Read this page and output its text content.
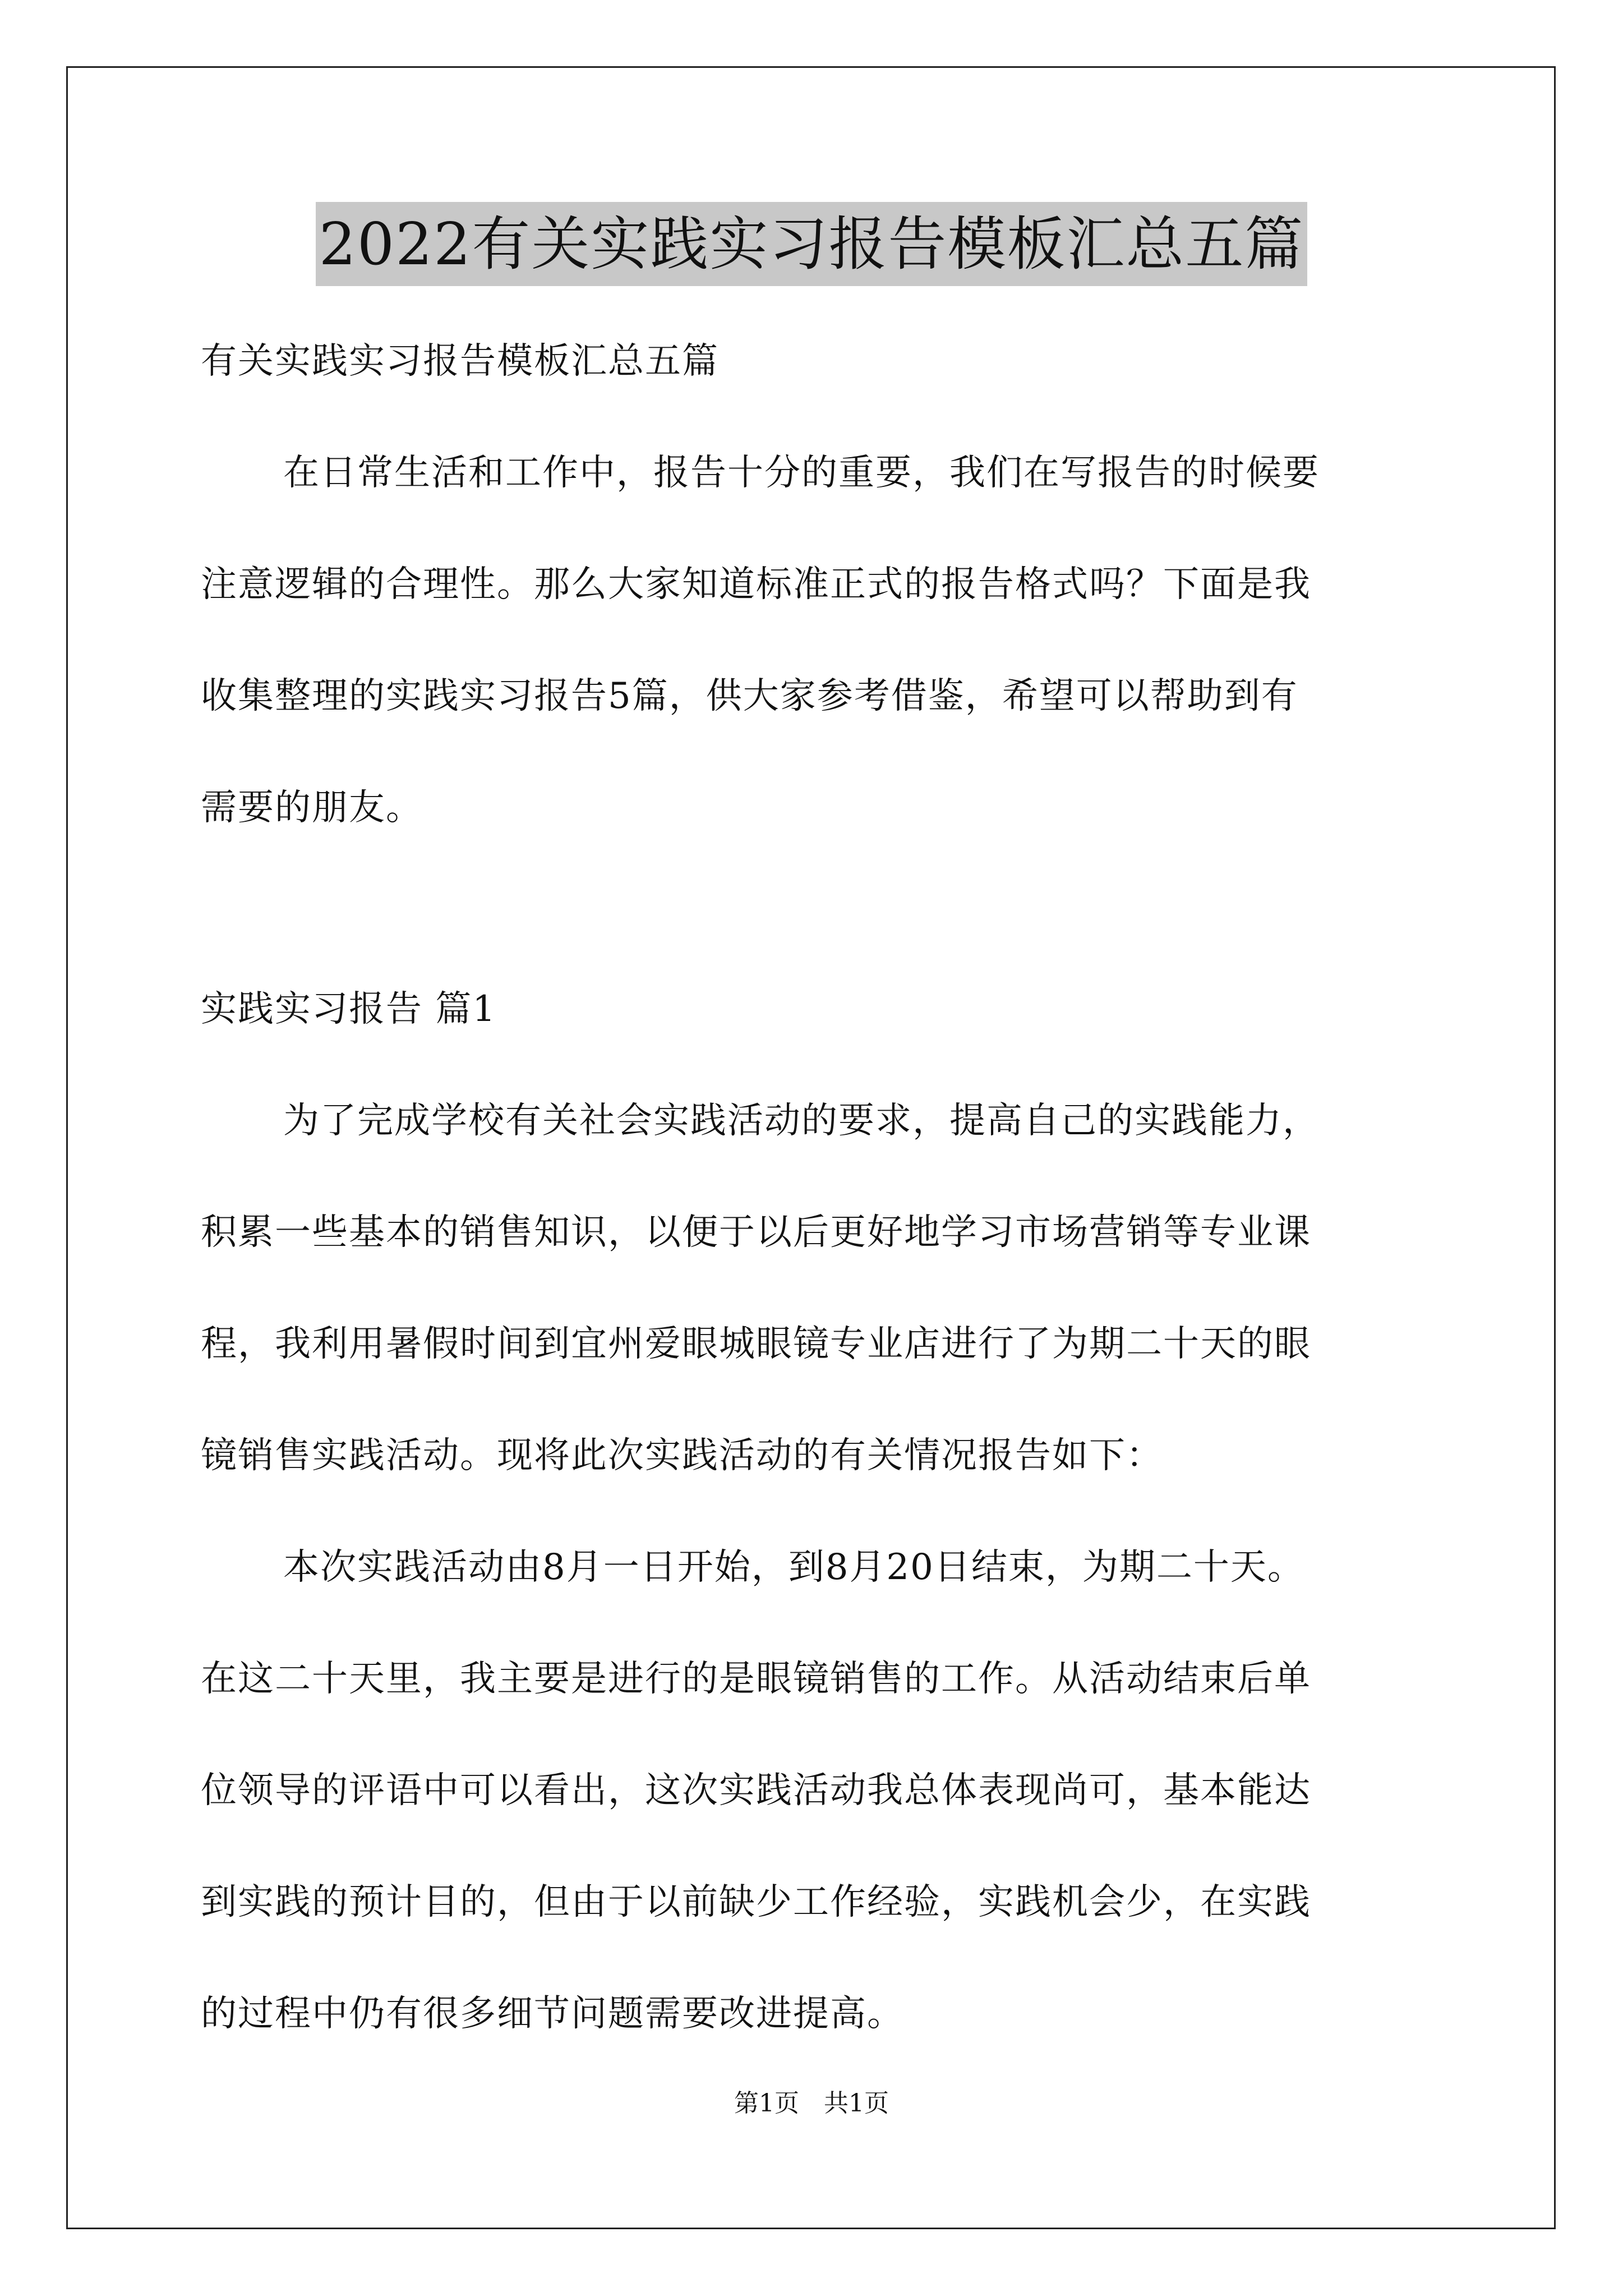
2022有关实践实习报告模板汇总五篇
有关实践实习报告模板汇总五篇
在日常生活和工作中，报告十分的重要，我们在写报告的时候要
注意逻辑的合理性。那么大家知道标准正式的报告格式吗？下面是我
收集整理的实践实习报告5篇，供大家参考借鉴，希望可以帮助到有
需要的朋友。
实践实习报告 篇1
为了完成学校有关社会实践活动的要求，提高自己的实践能力，
积累一些基本的销售知识，以便于以后更好地学习市场营销等专业课
程，我利用暑假时间到宜州爱眼城眼镜专业店进行了为期二十天的眼
镜销售实践活动。现将此次实践活动的有关情况报告如下：
本次实践活动由8月一日开始，到8月20日结束，为期二十天。
在这二十天里，我主要是进行的是眼镜销售的工作。从活动结束后单
位领导的评语中可以看出，这次实践活动我总体表现尚可，基本能达
到实践的预计目的，但由于以前缺少工作经验，实践机会少，在实践
的过程中仍有很多细节问题需要改进提高。
第1页　共1页
